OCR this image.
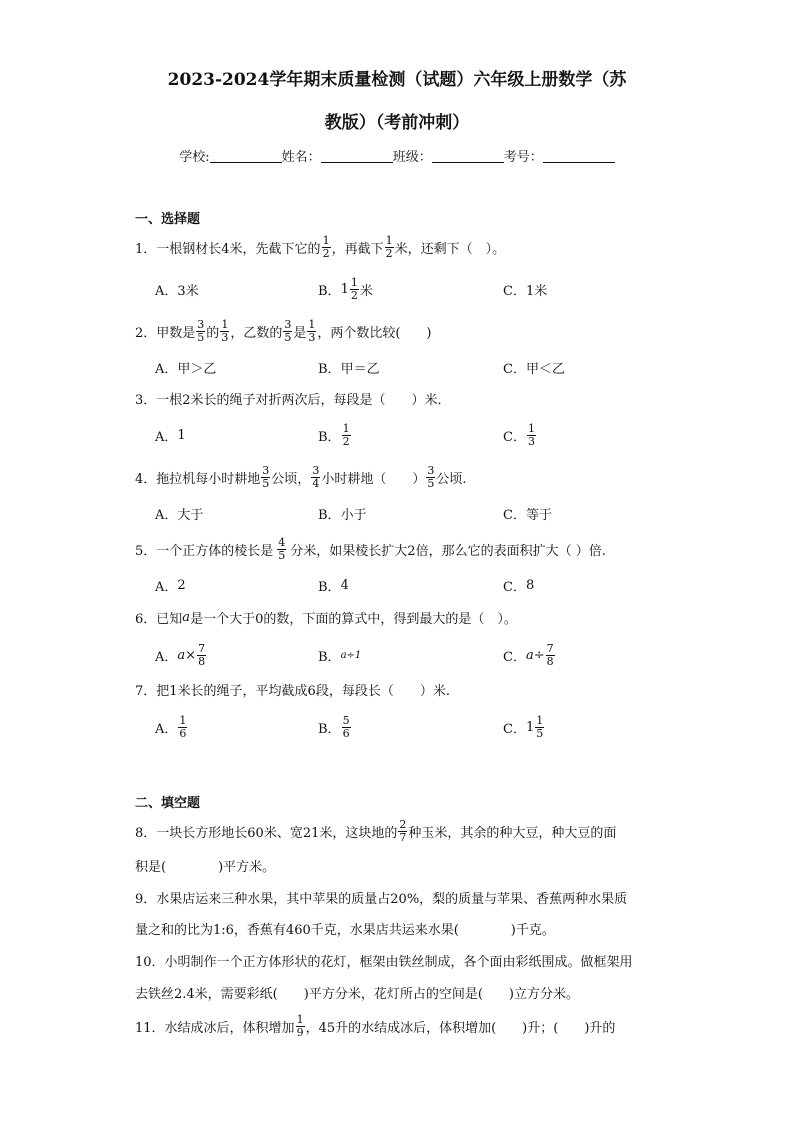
2023-2024学年期末质量检测（试题）六年级上册数学（苏
教版）（考前冲刺）
学校:	姓名：	班级：	考号：
一、选择题
1． 一根钢材长4米，先截下它的 $\frac{1}{2}$ ，再截下 $\frac{1}{2}$ 米，还剩下（　）。
A． 3米	B． $1 \frac{1}{2}$ 米	C． 1米
2． 甲数是 $\frac{3}{5}$ 的 $\frac{1}{3}$ ，乙数的 $\frac{3}{5}$ 是 $\frac{1}{3}$ ，两个数比较(　　)
A． 甲＞乙	B． 甲＝乙	C． 甲＜乙
3． 一根2米长的绳子对折两次后，每段是（　　）米．
A． 1	B． $\frac{1}{2}$	C． $\frac{1}{3}$
4． 拖拉机每小时耕地 $\frac{3}{5}$ 公顷， $\frac{3}{4}$ 小时耕地（　　） $\frac{3}{5}$ 公顷.
A． 大于	B． 小于	C． 等于
5． 一个正方体的棱长是 $\frac{4}{5}$ 分米，如果棱长扩大2倍，那么它的表面积扩大（ ）倍.
A． 2	B． 4	C． 8
6． 已知 a 是一个大于0的数，下面的算式中，得到最大的是（　）。
A． $a \times \frac{7}{8}$	B． a÷1	C． $a \div \frac{7}{8}$
7． 把1米长的绳子，平均截成6段，每段长（　　）米.
A． $\frac{1}{6}$	B． $\frac{5}{6}$	C． $1 \frac{1}{5}$
二、填空题
8． 一块长方形地长60米、宽21米，这块地的 $\frac{2}{7}$ 种玉米，其余的种大豆，种大豆的面
积是(　　　　)平方米。
9． 水果店运来三种水果，其中苹果的质量占20%，梨的质量与苹果、香蕉两种水果质
量之和的比为1:6，香蕉有460千克，水果店共运来水果(　　　　)千克。
10． 小明制作一个正方体形状的花灯，框架由铁丝制成，各个面由彩纸围成。做框架用
去铁丝2.4米，需要彩纸(　　)平方分米，花灯所占的空间是(　　)立方分米。
11． 水结成冰后，体积增加 $\frac{1}{9}$ ，45升的水结成冰后，体积增加(　　)升；(　　)升的
